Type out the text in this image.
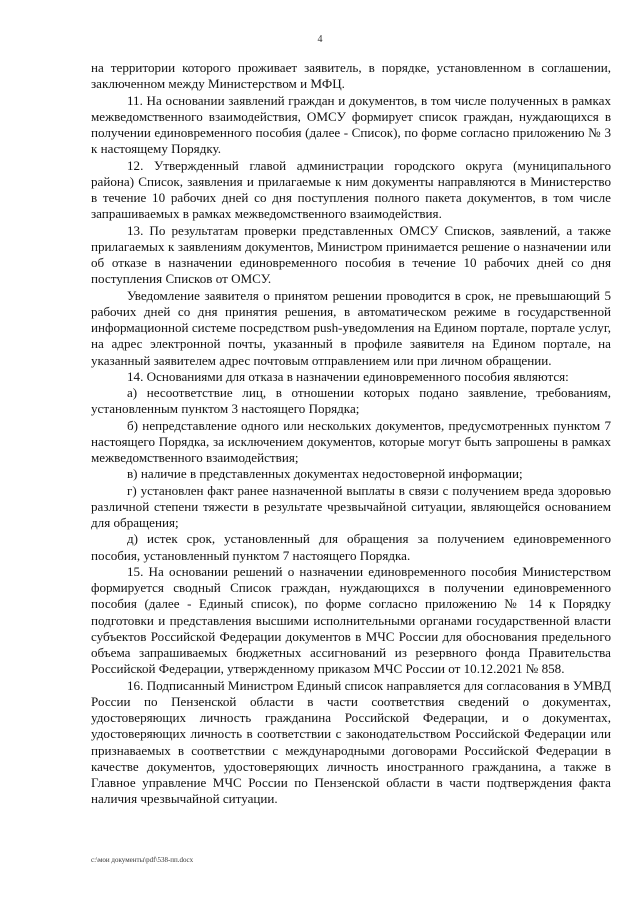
4

на территории которого проживает заявитель, в порядке, установленном в соглашении, заключенном между Министерством и МФЦ.

11. На основании заявлений граждан и документов, в том числе полученных в рамках межведомственного взаимодействия, ОМСУ формирует список граждан, нуждающихся в получении единовременного пособия (далее - Список), по форме согласно приложению № 3 к настоящему Порядку.

12. Утвержденный главой администрации городского округа (муниципального района) Список, заявления и прилагаемые к ним документы направляются в Министерство в течение 10 рабочих дней со дня поступления полного пакета документов, в том числе запрашиваемых в рамках межведомственного взаимодействия.

13. По результатам проверки представленных ОМСУ Списков, заявлений, а также прилагаемых к заявлениям документов, Министром принимается решение о назначении или об отказе в назначении единовременного пособия в течение 10 рабочих дней со дня поступления Списков от ОМСУ.

Уведомление заявителя о принятом решении проводится в срок, не превышающий 5 рабочих дней со дня принятия решения, в автоматическом режиме в государственной информационной системе посредством push-уведомления на Едином портале, портале услуг, на адрес электронной почты, указанный в профиле заявителя на Едином портале, на указанный заявителем адрес почтовым отправлением или при личном обращении.

14. Основаниями для отказа в назначении единовременного пособия являются:

а) несоответствие лиц, в отношении которых подано заявление, требованиям, установленным пунктом 3 настоящего Порядка;

б) непредставление одного или нескольких документов, предусмотренных пунктом 7 настоящего Порядка, за исключением документов, которые могут быть запрошены в рамках межведомственного взаимодействия;

в) наличие в представленных документах недостоверной информации;

г) установлен факт ранее назначенной выплаты в связи с получением вреда здоровью различной степени тяжести в результате чрезвычайной ситуации, являющейся основанием для обращения;

д) истек срок, установленный для обращения за получением единовременного пособия, установленный пунктом 7 настоящего Порядка.

15. На основании решений о назначении единовременного пособия Министерством формируется сводный Список граждан, нуждающихся в получении единовременного пособия (далее - Единый список), по форме согласно приложению № 14 к Порядку подготовки и представления высшими исполнительными органами государственной власти субъектов Российской Федерации документов в МЧС России для обоснования предельного объема запрашиваемых бюджетных ассигнований из резервного фонда Правительства Российской Федерации, утвержденному приказом МЧС России от 10.12.2021 № 858.

16. Подписанный Министром Единый список направляется для согласования в УМВД России по Пензенской области в части соответствия сведений о документах, удостоверяющих личность гражданина Российской Федерации, и о документах, удостоверяющих личность в соответствии с законодательством Российской Федерации или признаваемых в соответствии с международными договорами Российской Федерации в качестве документов, удостоверяющих личность иностранного гражданина, а также в Главное управление МЧС России по Пензенской области в части подтверждения факта наличия чрезвычайной ситуации.

c:\мои документы\pdf\538-пп.docx
